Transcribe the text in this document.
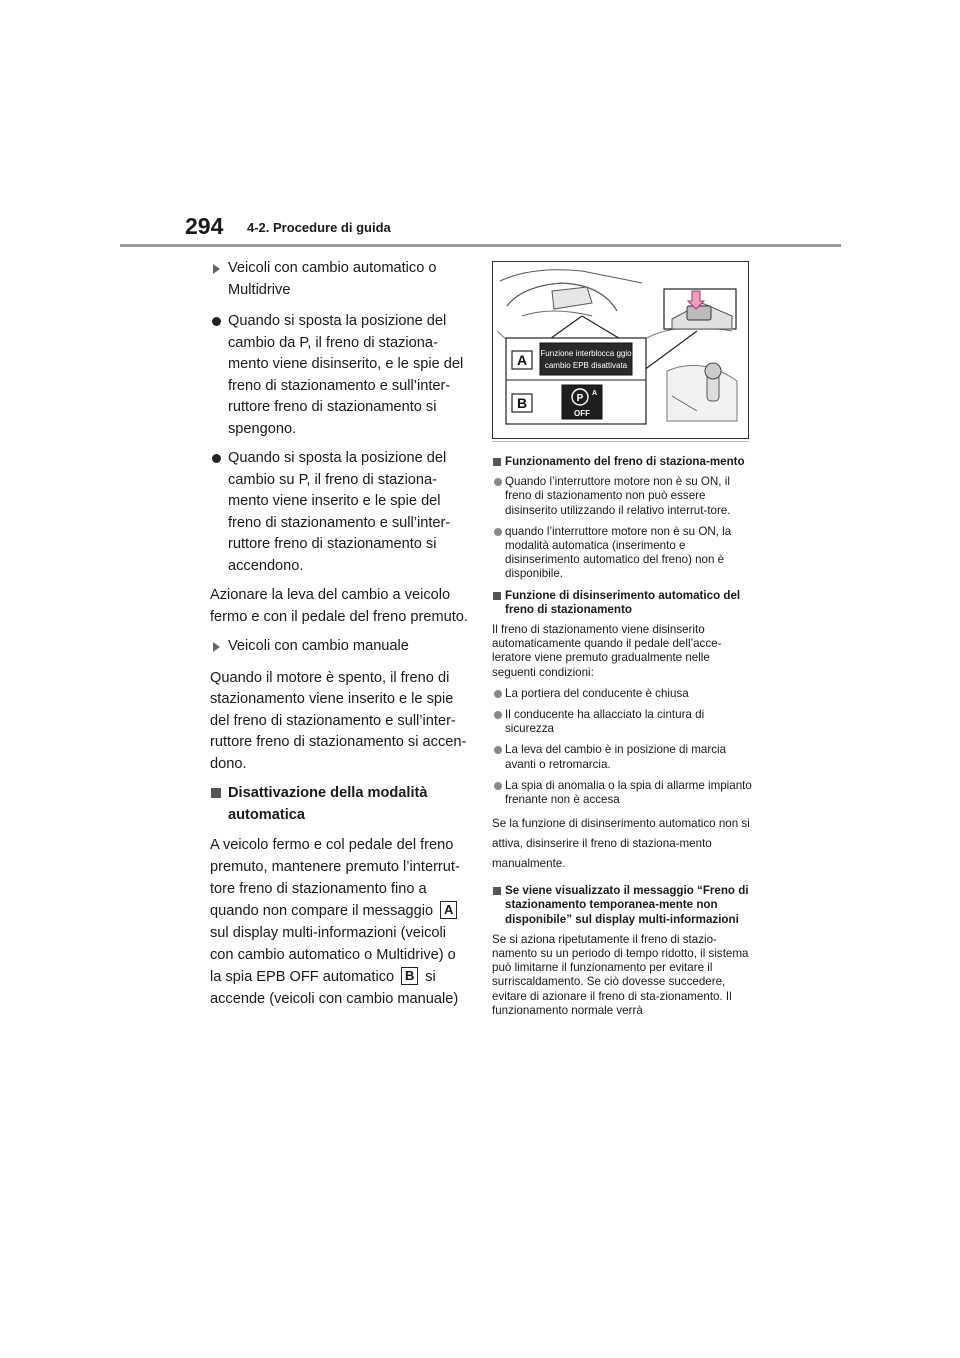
294 4-2. Procedure di guida
Veicoli con cambio automatico o Multidrive
Quando si sposta la posizione del cambio da P, il freno di staziona-mento viene disinserito, e le spie del freno di stazionamento e sull’inter-ruttore freno di stazionamento si spengono.
Quando si sposta la posizione del cambio su P, il freno di staziona-mento viene inserito e le spie del freno di stazionamento e sull’inter-ruttore freno di stazionamento si accendono.
Azionare la leva del cambio a veicolo fermo e con il pedale del freno premuto.
Veicoli con cambio manuale
Quando il motore è spento, il freno di stazionamento viene inserito e le spie del freno di stazionamento e sull’inter-ruttore freno di stazionamento si accen-dono.
Disattivazione della modalità automatica
A veicolo fermo e col pedale del freno premuto, mantenere premuto l’interrut-tore freno di stazionamento fino a quando non compare il messaggio A sul display multi-informazioni (veicoli con cambio automatico o Multidrive) o la spia EPB OFF automatico B si accende (veicoli con cambio manuale)
A Funzione interblocca ggio
cambio EPB disattivata
B	P A
OFF
Funzionamento del freno di staziona-mento
Quando l’interruttore motore non è su ON, il freno di stazionamento non può essere disinserito utilizzando il relativo interrut-tore.
quando l’interruttore motore non è su ON, la modalità automatica (inserimento e disinserimento automatico del freno) non è disponibile.
Funzione di disinserimento automatico del freno di stazionamento
Il freno di stazionamento viene disinserito automaticamente quando il pedale dell’acce-leratore viene premuto gradualmente nelle seguenti condizioni:
La portiera del conducente è chiusa
Il conducente ha allacciato la cintura di sicurezza
La leva del cambio è in posizione di marcia avanti o retromarcia.
La spia di anomalia o la spia di allarme impianto frenante non è accesa
Se la funzione di disinserimento automatico non si attiva, disinserire il freno di staziona-mento manualmente.
Se viene visualizzato il messaggio “Freno di stazionamento temporanea-mente non disponibile” sul display multi-informazioni
Se si aziona ripetutamente il freno di stazio-namento su un periodo di tempo ridotto, il sistema può limitarne il funzionamento per evitare il surriscaldamento. Se ciò dovesse succedere, evitare di azionare il freno di sta-zionamento. Il funzionamento normale verrà
